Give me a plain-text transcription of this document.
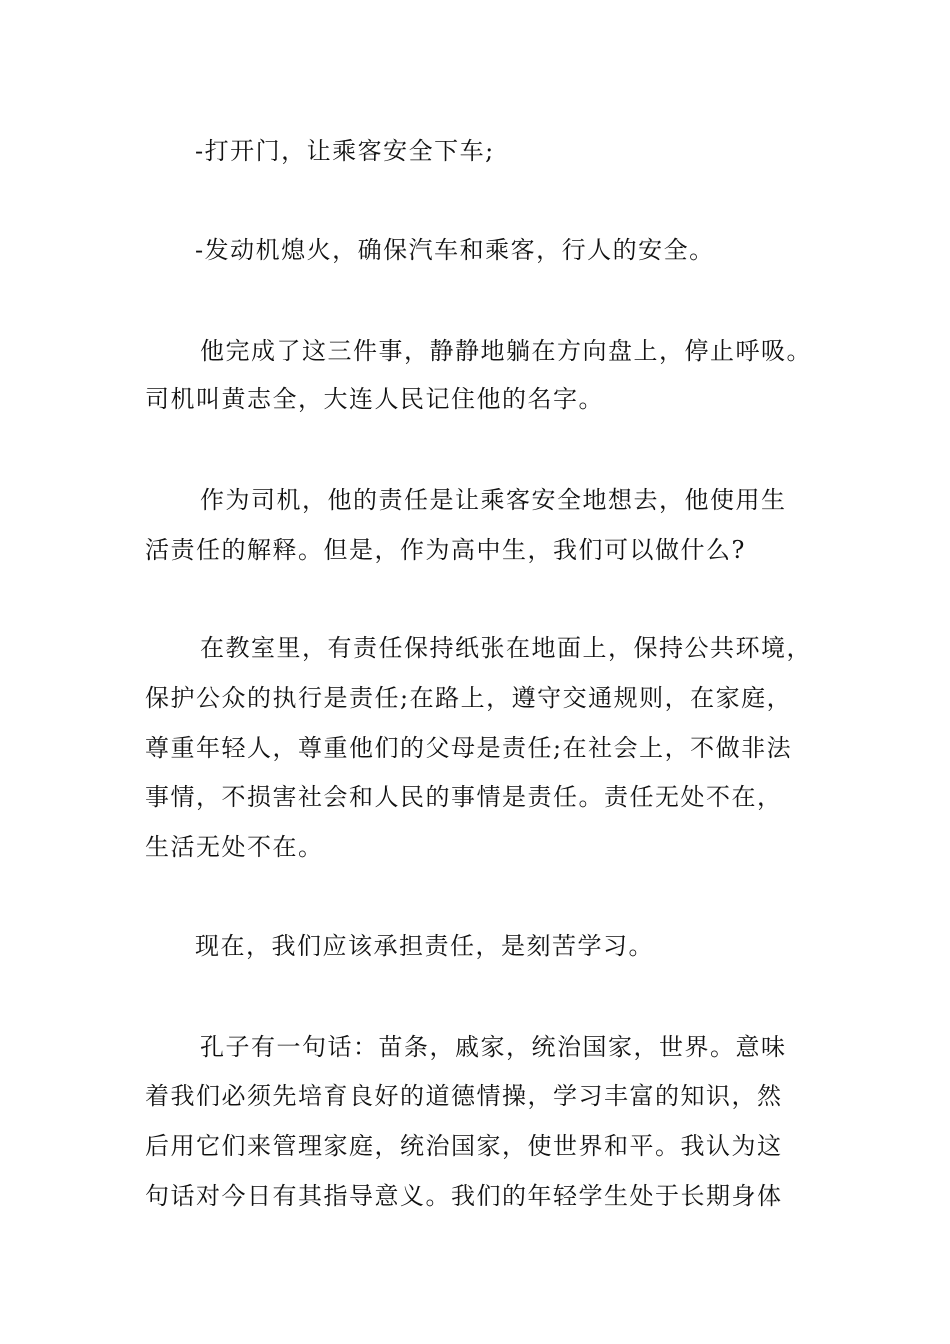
-打开门，让乘客安全下车;
-发动机熄火，确保汽车和乘客，行人的安全。
他完成了这三件事，静静地躺在方向盘上，停止呼吸。
司机叫黄志全，大连人民记住他的名字。
作为司机，他的责任是让乘客安全地想去，他使用生
活责任的解释。但是，作为高中生，我们可以做什么?
在教室里，有责任保持纸张在地面上，保持公共环境，
保护公众的执行是责任;在路上，遵守交通规则，在家庭，
尊重年轻人，尊重他们的父母是责任;在社会上，不做非法
事情，不损害社会和人民的事情是责任。责任无处不在，
生活无处不在。
现在，我们应该承担责任，是刻苦学习。
孔子有一句话：苗条，戚家，统治国家，世界。意味
着我们必须先培育良好的道德情操，学习丰富的知识，然
后用它们来管理家庭，统治国家，使世界和平。我认为这
句话对今日有其指导意义。我们的年轻学生处于长期身体
